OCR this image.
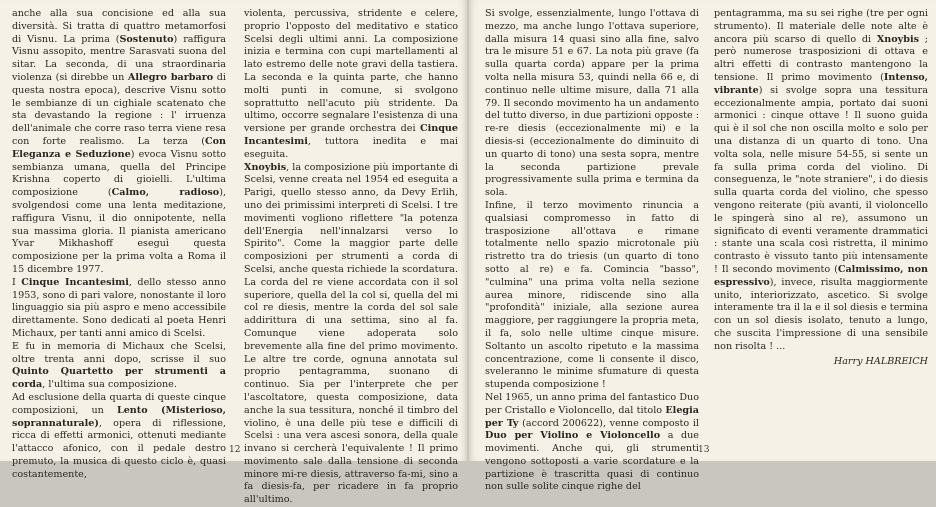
anche alla sua concisione ed alla sua diversità. Si tratta di quattro metamorfosi di Visnu. La prima (Sostenuto) raffigura Visnu assopito, mentre Sarasvati suona del sitar. La seconda, di una straordinaria violenza (si direbbe un Allegro barbaro di questa nostra epoca), descrive Visnu sotto le sembianze di un cighiale scatenato che sta devastando la regione : l' irruenza dell'animale che corre raso terra viene resa con forte realismo. La terza (Con Eleganza e Seduzione) evoca Visnu sotto sembianza umana, quella del Principe Krishna coperto di gioielli. L'ultima composizione (Calmo, radioso), svolgendosi come una lenta meditazione, raffigura Visnu, il dio onnipotente, nella sua massima gloria. Il pianista americano Yvar Mikhashoff eseguì questa composizione per la prima volta a Roma il 15 dicembre 1977.

I Cinque Incantesimi, dello stesso anno 1953, sono di pari valore, nonostante il loro linguaggio sia più aspro e meno accessibile direttamente. Sono dedicati al poeta Henri Michaux, per tanti anni amico di Scelsi.

E fu in memoria di Michaux che Scelsi, oltre trenta anni dopo, scrisse il suo Quinto Quartetto per strumenti a corda, l'ultima sua composizione.

Ad esclusione della quarta di queste cinque composizioni, un Lento (Misterioso, soprannaturale), opera di riflessione, ricca di effetti armonici, ottenuti mediante l'attacco afonico, con il pedale destro premuto, la musica di questo ciclo è, quasi costantemente,

violenta, percussiva, stridente e celere, proprio l'opposto del meditativo e statico Scelsi degli ultimi anni. La composizione inizia e termina con cupi martellamenti al lato estremo delle note gravi della tastiera. La seconda e la quinta parte, che hanno molti punti in comune, si svolgono soprattutto nell'acuto più stridente. Da ultimo, occorre segnalare l'esistenza di una versione per grande orchestra dei Cinque Incantesimi, tuttora inedita e mai eseguita.

Xnoybis, la composizione più importante di Scelsi, venne creata nel 1954 ed eseguita a Parigi, quello stesso anno, da Devy Erlih, uno dei primissimi interpreti di Scelsi. I tre movimenti vogliono riflettere "la potenza dell'Energia nell'innalzarsi verso lo Spirito". Come la maggior parte delle composizioni per strumenti a corda di Scelsi, anche questa richiede la scordatura. La corda del re viene accordata con il sol superiore, quella del la col si, quella del mi col re diesis, mentre la corda del sol sale addirittura di una settima, sino al fa. Comunque viene adoperata solo brevemente alla fine del primo movimento. Le altre tre corde, ognuna annotata sul proprio pentagramma, suonano di continuo. Sia per l'interprete che per l'ascoltatore, questa composizione, data anche la sua tessitura, nonché il timbro del violino, è una delle più tese e difficili di Scelsi : una vera ascesi sonora, della quale invano si cercherà l'equivalente ! Il primo movimento sale dalla tensione di seconda minore mi-re diesis, attraverso fa-mi, sino a fa diesis-fa, per ricadere in fa proprio all'ultimo.

12

Si svolge, essenzialmente, lungo l'ottava di mezzo, ma anche lungo l'ottava superiore, dalla misura 14 quasi sino alla fine, salvo tra le misure 51 e 67. La nota più grave (fa sulla quarta corda) appare per la prima volta nella misura 53, quindi nella 66 e, di continuo nelle ultime misure, dalla 71 alla 79. Il secondo movimento ha un andamento del tutto diverso, in due partizioni opposte : re-re diesis (eccezionalmente mi) e la diesis-si (eccezionalmente do diminuito di un quarto di tono) una sesta sopra, mentre la seconda partizione prevale progressivamente sulla prima e termina da sola.

Infine, il terzo movimento rinuncia a qualsiasi compromesso in fatto di trasposizione all'ottava e rimane totalmente nello spazio microtonale più ristretto tra do triesis (un quarto di tono sotto al re) e fa. Comincia "basso", "culmina" una prima volta nella sezione aurea minore, ridiscende sino alla "profondità" iniziale, alla sezione aurea maggiore, per raggiungere la propria meta, il fa, solo nelle ultime cinque misure. Soltanto un ascolto ripetuto e la massima concentrazione, come li consente il disco, sveleranno le minime sfumature di questa stupenda composizione !

Nel 1965, un anno prima del fantastico Duo per Cristallo e Violoncello, dal titolo Elegia per Ty (accord 200622), venne composto il Duo per Violino e Violoncello a due movimenti. Anche qui, gli strumenti vengono sottoposti a varie scordature e la partizione è trascritta quasi di continuo non sulle solite cinque righe del

pentagramma, ma su sei righe (tre per ogni strumento). Il materiale delle note alte è ancora più scarso di quello di Xnoybis ; però numerose trasposizioni di ottava e altri effetti di contrasto mantengono la tensione. Il primo movimento (Intenso, vibrante) si svolge sopra una tessitura eccezionalmente ampia, portato dai suoni armonici : cinque ottave ! Il suono guida qui è il sol che non oscilla molto e solo per una distanza di un quarto di tono. Una volta sola, nelle misure 54-55, si sente un fa sulla prima corda del violino. Di conseguenza, le "note straniere", i do diesis sulla quarta corda del violino, che spesso vengono reiterate (più avanti, il violoncello le spingerà sino al re), assumono un significato di eventi veramente drammatici : stante una scala così ristretta, il minimo contrasto è vissuto tanto più intensamente ! Il secondo movimento (Calmissimo, non espressivo), invece, risulta maggiormente unito, interiorizzato, ascetico. Si svolge interamente tra il la e il sol diesis e termina con un sol diesis isolato, tenuto a lungo, che suscita l'impressione di una sensibile non risolta ! ...

Harry HALBREICH

13
